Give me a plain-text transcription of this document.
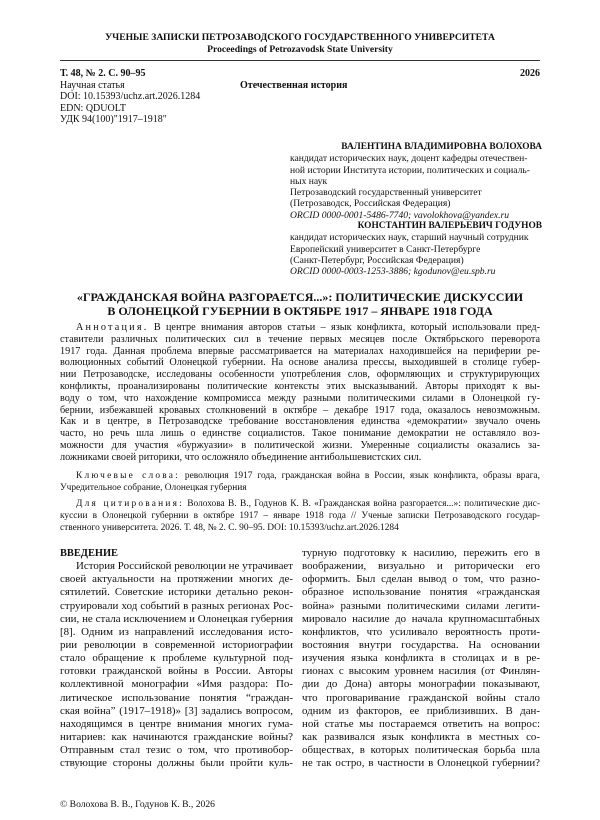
УЧЕНЫЕ ЗАПИСКИ ПЕТРОЗАВОДСКОГО ГОСУДАРСТВЕННОГО УНИВЕРСИТЕТА
Proceedings of Petrozavodsk State University
Т. 48, № 2. С. 90–95	2026
Научная статья	Отечественная история
DOI: 10.15393/uchz.art.2026.1284
EDN: QDUOLT
УДК 94(100)"1917–1918"
ВАЛЕНТИНА ВЛАДИМИРОВНА ВОЛОХОВА
кандидат исторических наук, доцент кафедры отечествен-
ной истории Института истории, политических и социаль-
ных наук
Петрозаводский государственный университет
(Петрозаводск, Российская Федерация)
ORCID 0000-0001-5486-7740; vavolokhova@yandex.ru
КОНСТАНТИН ВАЛЕРЬЕВИЧ ГОДУНОВ
кандидат исторических наук, старший научный сотрудник
Европейский университет в Санкт-Петербурге
(Санкт-Петербург, Российская Федерация)
ORCID 0000-0003-1253-3886; kgodunov@eu.spb.ru
«ГРАЖДАНСКАЯ ВОЙНА РАЗГОРАЕТСЯ...»: ПОЛИТИЧЕСКИЕ ДИСКУССИИ
В ОЛОНЕЦКОЙ ГУБЕРНИИ В ОКТЯБРЕ 1917 – ЯНВАРЕ 1918 ГОДА
Аннотация. В центре внимания авторов статьи – язык конфликта, который использовали пред-
ставители различных политических сил в течение первых месяцев после Октябрьского переворота
1917 года. Данная проблема впервые рассматривается на материалах находившейся на периферии ре-
волюционных событий Олонецкой губернии. На основе анализа прессы, выходившей в столице губер-
нии Петрозаводске, исследованы особенности употребления слов, оформляющих и структурирующих
конфликты, проанализированы политические контексты этих высказываний. Авторы приходят к вы-
воду о том, что нахождение компромисса между разными политическими силами в Олонецкой гу-
бернии, избежавшей кровавых столкновений в октябре – декабре 1917 года, оказалось невозможным.
Как и в центре, в Петрозаводске требование восстановления единства «демократии» звучало очень
часто, но речь шла лишь о единстве социалистов. Такое понимание демократии не оставляло воз-
можности для участия «буржуазии» в политической жизни. Умеренные социалисты оказались за-
ложниками своей риторики, что осложняло объединение антибольшевистских сил.
Ключевые слова: революция 1917 года, гражданская война в России, язык конфликта, образы врага,
Учредительное собрание, Олонецкая губерния
Для цитирования: Волохова В. В., Годунов К. В. «Гражданская война разгорается...»: политические дис-
куссии в Олонецкой губернии в октябре 1917 – январе 1918 года // Ученые записки Петрозаводского государ-
ственного университета. 2026. Т. 48, № 2. С. 90–95. DOI: 10.15393/uchz.art.2026.1284
ВВЕДЕНИЕ
История Российской революции не утрачивает
своей актуальности на протяжении многих де-
сятилетий. Советские историки детально рекон-
струировали ход событий в разных регионах Рос-
сии, не стала исключением и Олонецкая губерния
[8]. Одним из направлений исследования исто-
рии революции в современной историографии
стало обращение к проблеме культурной под-
готовки гражданской войны в России. Авторы
коллективной монографии «Имя раздора: По-
литическое использование понятия “граждан-
ская война” (1917–1918)» [3] задались вопросом,
находящимся в центре внимания многих гума-
нитариев: как начинаются гражданские войны?
Отправным стал тезис о том, что противобор-
ствующие стороны должны были пройти куль-
турную подготовку к насилию, пережить его в
воображении, визуально и риторически его
оформить. Был сделан вывод о том, что разно-
образное использование понятия «гражданская
война» разными политическими силами легити-
мировало насилие до начала крупномасштабных
конфликтов, что усиливало вероятность проти-
востояния внутри государства. На основании
изучения языка конфликта в столицах и в ре-
гионах с высоким уровнем насилия (от Финлян-
дии до Дона) авторы монографии показывают,
что проговаривание гражданской войны стало
одним из факторов, ее приблизивших. В дан-
ной статье мы постараемся ответить на вопрос:
как развивался язык конфликта в местных со-
обществах, в которых политическая борьба шла
не так остро, в частности в Олонецкой губернии?
© Волохова В. В., Годунов К. В., 2026
